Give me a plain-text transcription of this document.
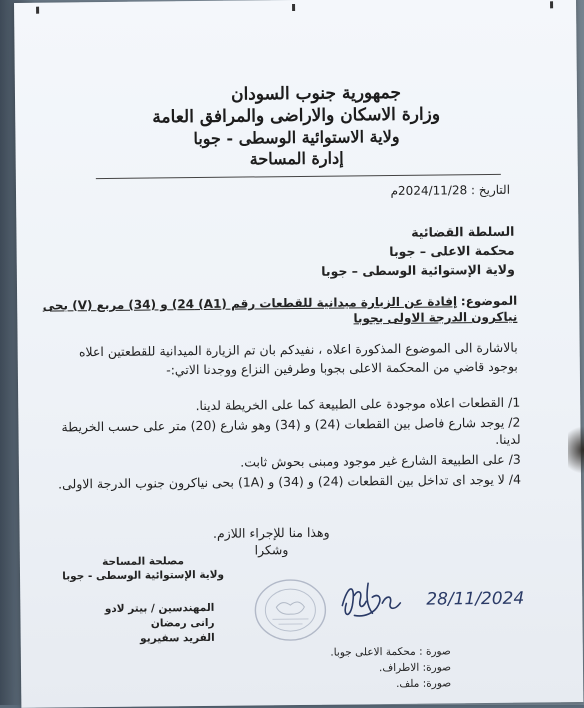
جمهورية جنوب السودان
وزارة الاسكان والاراضى والمرافق العامة
ولاية الاستوائية الوسطى - جوبا
إدارة المساحة
التاريخ : 2024/11/28م
السلطة القضائية
محكمة الاعلى – جوبا
ولاية الإستوائية الوسطى – جوبا
الموضوع: إفادة عن الزيارة ميدانية للقطعات رقم (A1) 24) و (34) مربع (V) بحى نياكرون الدرجة الاولى بجوبا
بالاشارة الى الموضوع المذكورة اعلاه ، نفيدكم بان تم الزيارة الميدانية للقطعتين اعلاه بوجود قاضي من المحكمة الاعلى بجوبا وطرفين النزاع ووجدنا الاتي:-

1/ القطعات اعلاه موجودة على الطبيعة كما على الخريطة لدينا.

2/ يوجد شارع فاصل بين القطعات (24) و (34) وهو شارع (20) متر على حسب الخريطة لدينا.

3/ على الطبيعة الشارع غير موجود ومبنى بحوش ثابت.

4/ لا يوجد اى تداخل بين القطعات (24) و (34) و (1A) بحى نياكرون جنوب الدرجة الاولى.

وهذا منا للإجراء اللازم.
وشكرا
مصلحة المساحة
ولاية الإستوائية الوسطى - جوبا
المهندسين / بيتر لادو
رانى رمضان
الفريد سفيريو
28/11/2024
صورة : محكمة الاعلى جوبا.
صورة: الاطراف.
صورة: ملف.
